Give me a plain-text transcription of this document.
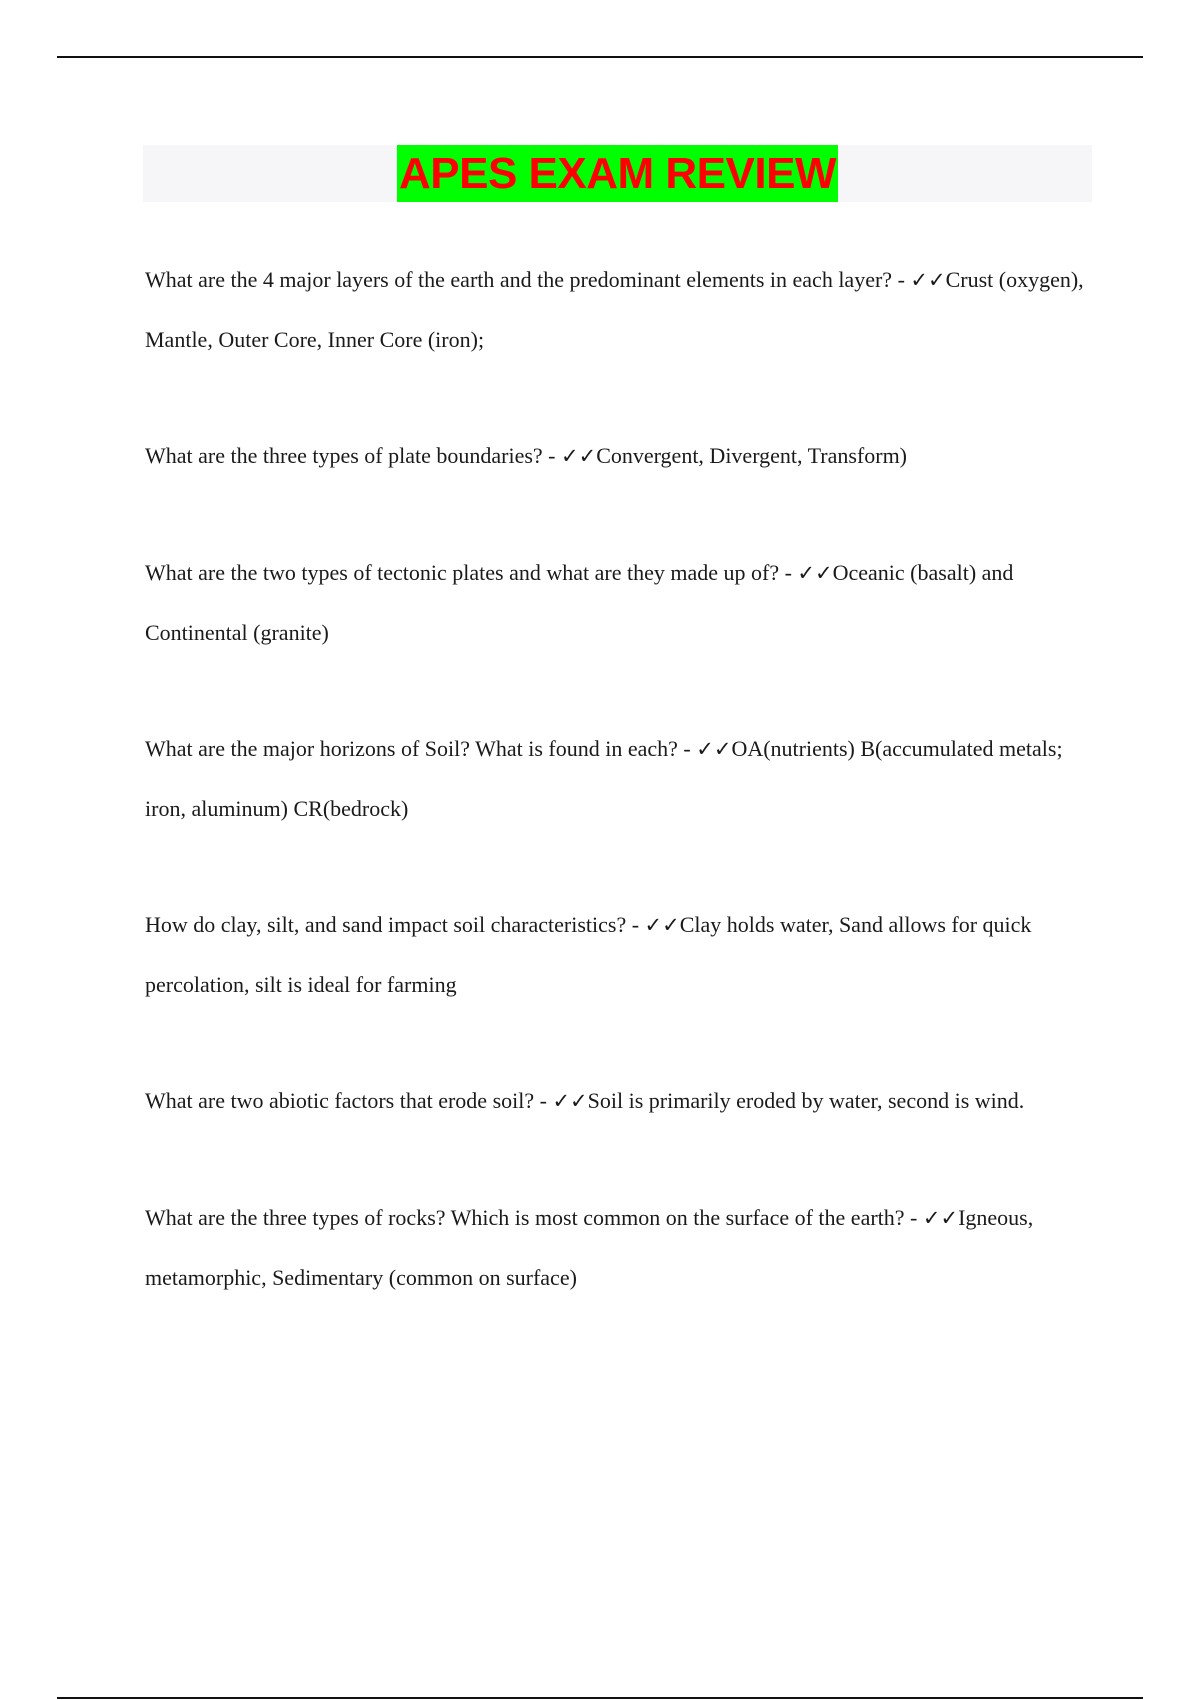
APES EXAM REVIEW

What are the 4 major layers of the earth and the predominant elements in each layer? - ✓✓Crust (oxygen), Mantle, Outer Core, Inner Core (iron);

What are the three types of plate boundaries? - ✓✓Convergent, Divergent, Transform)

What are the two types of tectonic plates and what are they made up of? - ✓✓Oceanic (basalt) and Continental (granite)

What are the major horizons of Soil? What is found in each? - ✓✓OA(nutrients) B(accumulated metals; iron, aluminum) CR(bedrock)

How do clay, silt, and sand impact soil characteristics? - ✓✓Clay holds water, Sand allows for quick percolation, silt is ideal for farming

What are two abiotic factors that erode soil? - ✓✓Soil is primarily eroded by water, second is wind.

What are the three types of rocks? Which is most common on the surface of the earth? - ✓✓Igneous, metamorphic, Sedimentary (common on surface)
